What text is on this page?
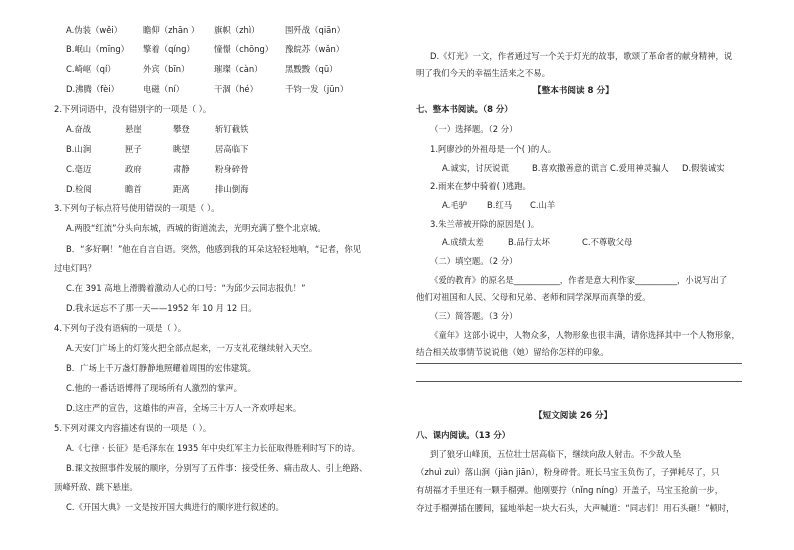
A.伪装（wěi） 瞻仰（zhān ） 旗帜（zhì）	围歼战（qiān）
B.岷山（mīng） 擎着（qíng） 憧憬（chōng） 豫皖苏（wǎn）
C.崎岖（qí）	外宾（bīn）	璀璨（càn）	黑黢黢（qū）
D.沸腾（fèi）	电磁（ní）	干涸（hé）	千钧一发（jūn）
2.下列词语中，没有错别字的一项是（ ）。
A.奋战	悬崖	攀登	斩钉截铁
B.山涧	匣子	眺望	居高临下
C.毫迈	政府	肃静	粉身碎骨
D.检阅	瞻首	距离	排山倒海
3.下列句子标点符号使用错误的一项是（ ）。
A.两股“红流”分头向东城，西城的街道流去，光明充满了整个北京城。
B．“多好啊！”他在自言自语。突然，他感到我的耳朵这轻轻地响，“记者，你见
过电灯吗？
C.在 391 高地上滑腾着激动人心的口号：“为邱少云同志报仇！”
D.我永远忘不了那一天——1952 年 10 月 12 日。
4.下列句子没有语病的一项是（ ）。
A.天安门广场上的灯笼火把全部点起来，一万支礼花继续射入天空。
B．广场上千万盏灯静静地照耀着周围的宏伟建筑。
C.他的一番话语博得了现场所有人激烈的掌声。
D.这庄严的宣告，这雄伟的声音，全场三十万人一齐欢呼起来。
5.下列对课文内容描述有误的一项是（ ）。
A.《七律 · 长征》是毛泽东在 1935 年中央红军主力长征取得胜利时写下的诗。
B.课文按照事件发展的顺序，分别写了五件事：接受任务、痛击敌人、引上绝路、
顶峰歼敌、跳下悬崖。
C.《开国大典》一文是按开国大典进行的顺序进行叙述的。
D.《灯光》一文，作者通过写一个关于灯光的故事，歌颂了革命者的献身精神，说
明了我们今天的幸福生活来之不易。
【整本书阅读 8 分】
七、整本书阅读。（8 分）
（一）选择题。（2 分）
1.阿廖沙的外祖母是一个( )的人。
A.诚实，讨厌说谎	B.喜欢撒善意的谎言 C.爱用神灵骗人 D.假装诚实
2.雨来在梦中骑着( )逃跑。
A.毛驴 B.红马 C.山羊
3.朱兰蒂被开除的原因是( )。
A.成绩太差	B.品行太坏	C.不尊敬父母
（二）填空题。（2 分）
《爱的教育》的原名是___________，作者是意大利作家__________，小说写出了
他们对祖国和人民、父母和兄弟、老师和同学深厚而真挚的爱。
（三）简答题。（3 分）
《童年》这部小说中，人物众多，人物形象也很丰满，请你选择其中一个人物形象，
结合相关故事情节说说他（她）留给你怎样的印象。
【短文阅读 26 分】
八、课内阅读。（13 分）
到了狼牙山峰顶，五位壮士居高临下，继续向敌人射击。不少敌人坠
（zhuì zuì）落山涧（jiàn jiān），粉身碎骨。班长马宝玉负伤了，子弹耗尽了，只
有胡福才手里还有一颗手榴弹。他刚要拧（nǐng níng）开盖子，马宝玉抢前一步，
夺过手榴弹插在腰间，猛地举起一块大石头，大声喊道：“同志们！用石头砸！”顿时，
